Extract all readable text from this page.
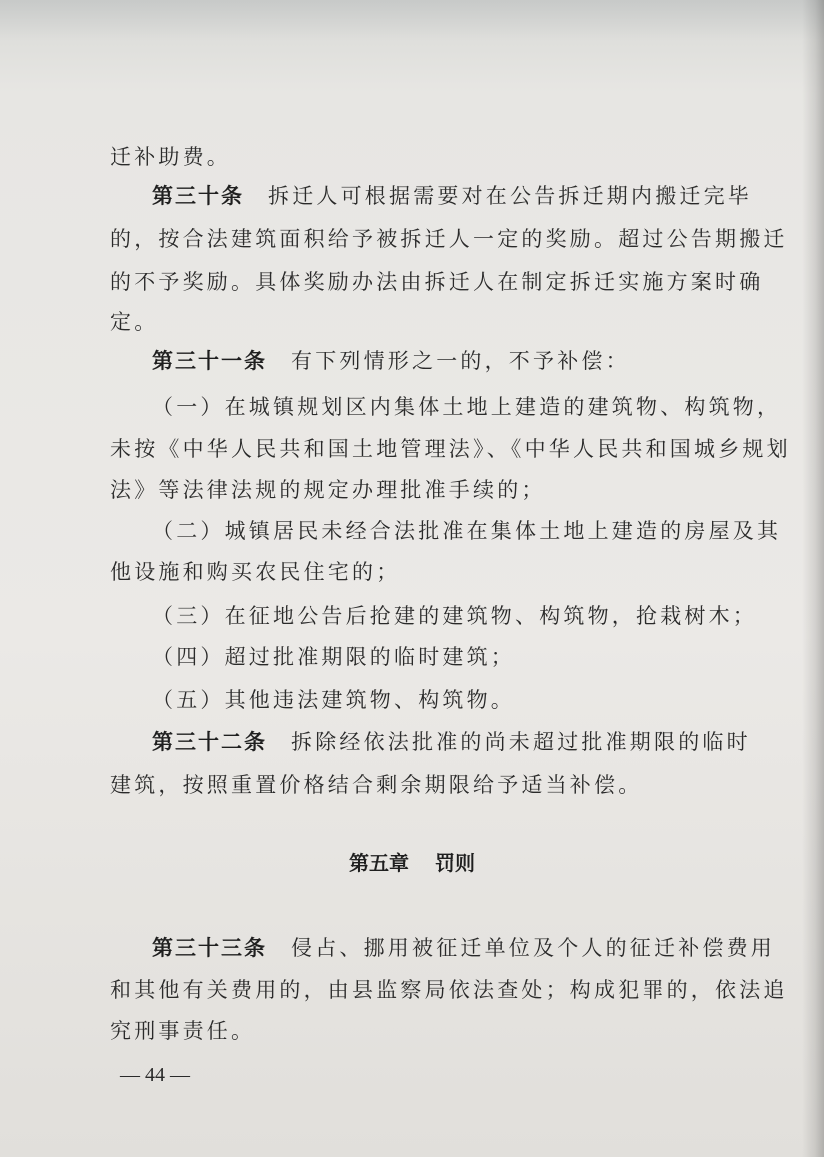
迁补助费。
第三十条 拆迁人可根据需要对在公告拆迁期内搬迁完毕
的，按合法建筑面积给予被拆迁人一定的奖励。超过公告期搬迁
的不予奖励。具体奖励办法由拆迁人在制定拆迁实施方案时确
定。
第三十一条 有下列情形之一的，不予补偿：
（一）在城镇规划区内集体土地上建造的建筑物、构筑物，
未按《中华人民共和国土地管理法》、《中华人民共和国城乡规划
法》等法律法规的规定办理批准手续的；
（二）城镇居民未经合法批准在集体土地上建造的房屋及其
他设施和购买农民住宅的；
（三）在征地公告后抢建的建筑物、构筑物，抢栽树木；
（四）超过批准期限的临时建筑；
（五）其他违法建筑物、构筑物。
第三十二条 拆除经依法批准的尚未超过批准期限的临时
建筑，按照重置价格结合剩余期限给予适当补偿。
第五章 罚则
第三十三条 侵占、挪用被征迁单位及个人的征迁补偿费用
和其他有关费用的，由县监察局依法查处；构成犯罪的，依法追
究刑事责任。
— 44 —
